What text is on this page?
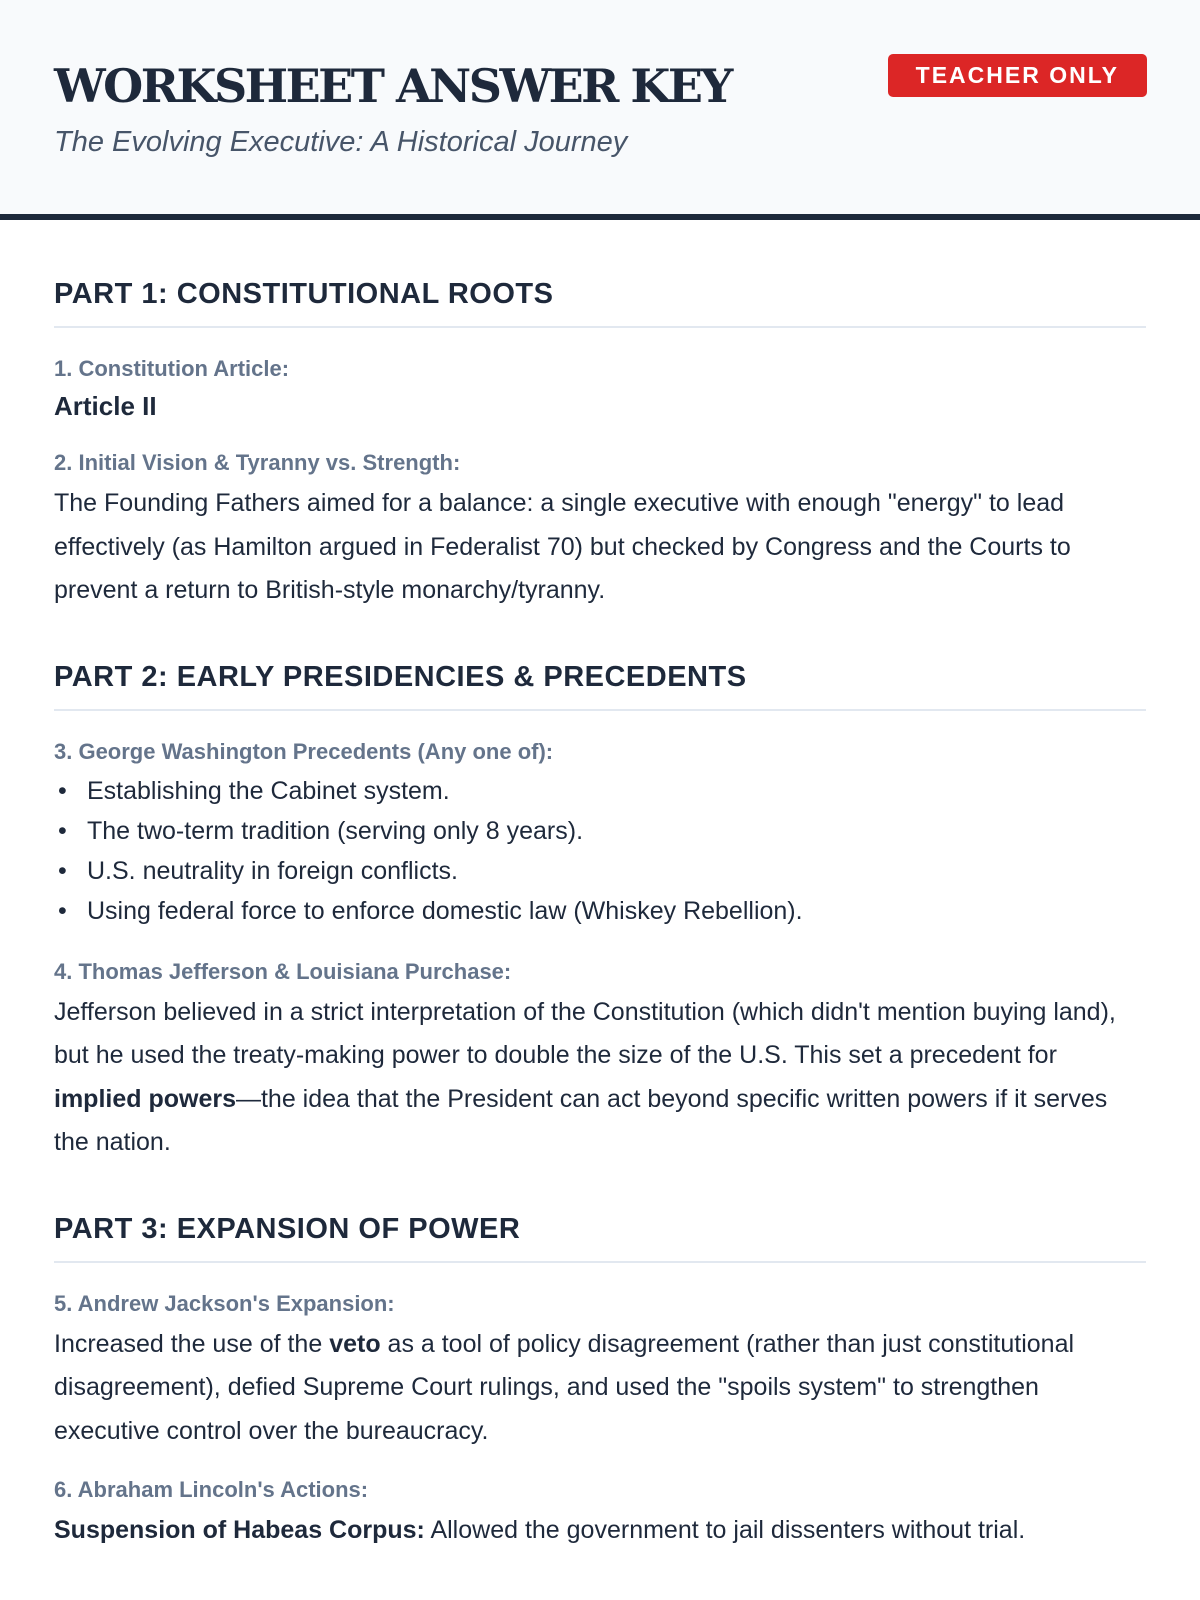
WORKSHEET ANSWER KEY
The Evolving Executive: A Historical Journey
TEACHER ONLY
PART 1: CONSTITUTIONAL ROOTS
1. Constitution Article:
Article II
2. Initial Vision & Tyranny vs. Strength:

The Founding Fathers aimed for a balance: a single executive with enough "energy" to lead effectively (as Hamilton argued in Federalist 70) but checked by Congress and the Courts to prevent a return to British-style monarchy/tyranny.

PART 2: EARLY PRESIDENCIES & PRECEDENTS
3. George Washington Precedents (Any one of):
• Establishing the Cabinet system.
• The two-term tradition (serving only 8 years).
• U.S. neutrality in foreign conflicts.
• Using federal force to enforce domestic law (Whiskey Rebellion).
4. Thomas Jefferson & Louisiana Purchase:

Jefferson believed in a strict interpretation of the Constitution (which didn't mention buying land), but he used the treaty-making power to double the size of the U.S. This set a precedent for implied powers—the idea that the President can act beyond specific written powers if it serves the nation.

PART 3: EXPANSION OF POWER
5. Andrew Jackson's Expansion:

Increased the use of the veto as a tool of policy disagreement (rather than just constitutional disagreement), defied Supreme Court rulings, and used the "spoils system" to strengthen executive control over the bureaucracy.

6. Abraham Lincoln's Actions:

Suspension of Habeas Corpus: Allowed the government to jail dissenters without trial.
